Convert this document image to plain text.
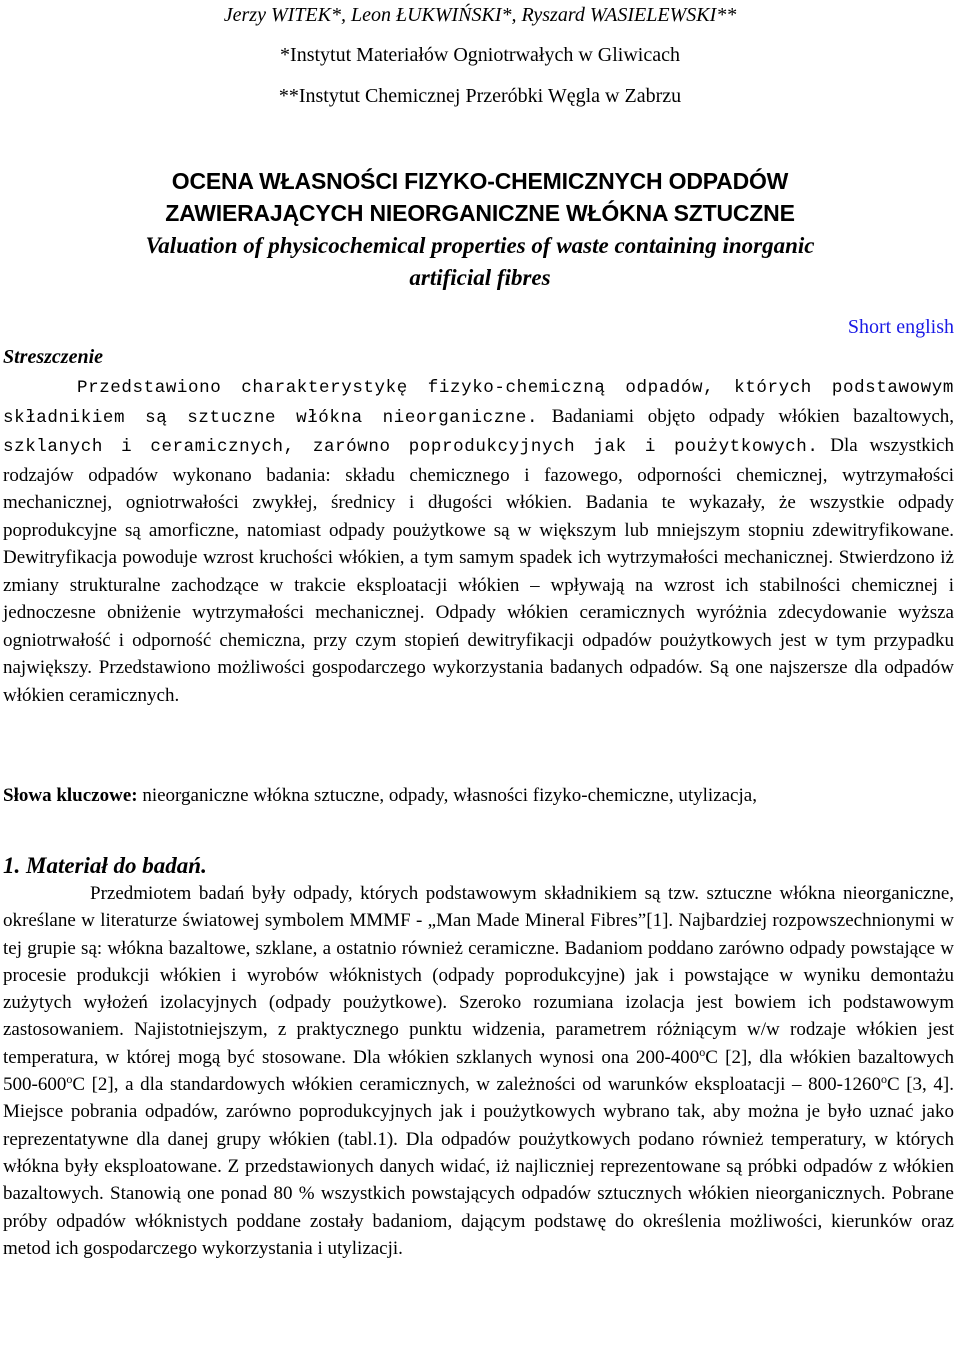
Jerzy WITEK*, Leon ŁUKWIŃSKI*, Ryszard WASIELEWSKI**
*Instytut Materiałów Ogniotrwałych w Gliwicach
**Instytut Chemicznej Przeróbki Węgla w Zabrzu
OCENA WŁASNOŚCI FIZYKO-CHEMICZNYCH ODPADÓW
ZAWIERAJĄCYCH NIEORGANICZNE WŁÓKNA SZTUCZNE
Valuation of physicochemical properties of waste containing inorganic
artificial fibres
Short english
Streszczenie

Przedstawiono charakterystykę fizyko-chemiczną odpadów, których podstawowym składnikiem są sztuczne włókna nieorganiczne. Badaniami objęto odpady włókien bazaltowych, szklanych i ceramicznych, zarówno poprodukcyjnych jak i poużytkowych. Dla wszystkich rodzajów odpadów wykonano badania: składu chemicznego i fazowego, odporności chemicznej, wytrzymałości mechanicznej, ogniotrwałości zwykłej, średnicy i długości włókien. Badania te wykazały, że wszystkie odpady poprodukcyjne są amorficzne, natomiast odpady poużytkowe są w większym lub mniejszym stopniu zdewitryfikowane. Dewitryfikacja powoduje wzrost kruchości włókien, a tym samym spadek ich wytrzymałości mechanicznej. Stwierdzono iż zmiany strukturalne zachodzące w trakcie eksploatacji włókien – wpływają na wzrost ich stabilności chemicznej i jednoczesne obniżenie wytrzymałości mechanicznej. Odpady włókien ceramicznych wyróżnia zdecydowanie wyższa ogniotrwałość i odporność chemiczna, przy czym stopień dewitryfikacji odpadów poużytkowych jest w tym przypadku największy. Przedstawiono możliwości gospodarczego wykorzystania badanych odpadów. Są one najszersze dla odpadów włókien ceramicznych.

Słowa kluczowe: nieorganiczne włókna sztuczne, odpady, własności fizyko-chemiczne, utylizacja,

1. Materiał do badań.

Przedmiotem badań były odpady, których podstawowym składnikiem są tzw. sztuczne włókna nieorganiczne, określane w literaturze światowej symbolem MMMF - „Man Made Mineral Fibres”[1]. Najbardziej rozpowszechnionymi w tej grupie są: włókna bazaltowe, szklane, a ostatnio również ceramiczne. Badaniom poddano zarówno odpady powstające w procesie produkcji włókien i wyrobów włóknistych (odpady poprodukcyjne) jak i powstające w wyniku demontażu zużytych wyłożeń izolacyjnych (odpady poużytkowe). Szeroko rozumiana izolacja jest bowiem ich podstawowym zastosowaniem. Najistotniejszym, z praktycznego punktu widzenia, parametrem różniącym w/w rodzaje włókien jest temperatura, w której mogą być stosowane. Dla włókien szklanych wynosi ona 200-400$^o$C [2], dla włókien bazaltowych 500-600$^o$C [2], a dla standardowych włókien ceramicznych, w zależności od warunków eksploatacji – 800-1260$^o$C [3, 4]. Miejsce pobrania odpadów, zarówno poprodukcyjnych jak i poużytkowych wybrano tak, aby można je było uznać jako reprezentatywne dla danej grupy włókien (tabl.1). Dla odpadów poużytkowych podano również temperatury, w których włókna były eksploatowane. Z przedstawionych danych widać, iż najliczniej reprezentowane są próbki odpadów z włókien bazaltowych. Stanowią one ponad 80 % wszystkich powstających odpadów sztucznych włókien nieorganicznych. Pobrane próby odpadów włóknistych poddane zostały badaniom, dającym podstawę do określenia możliwości, kierunków oraz metod ich gospodarczego wykorzystania i utylizacji.
